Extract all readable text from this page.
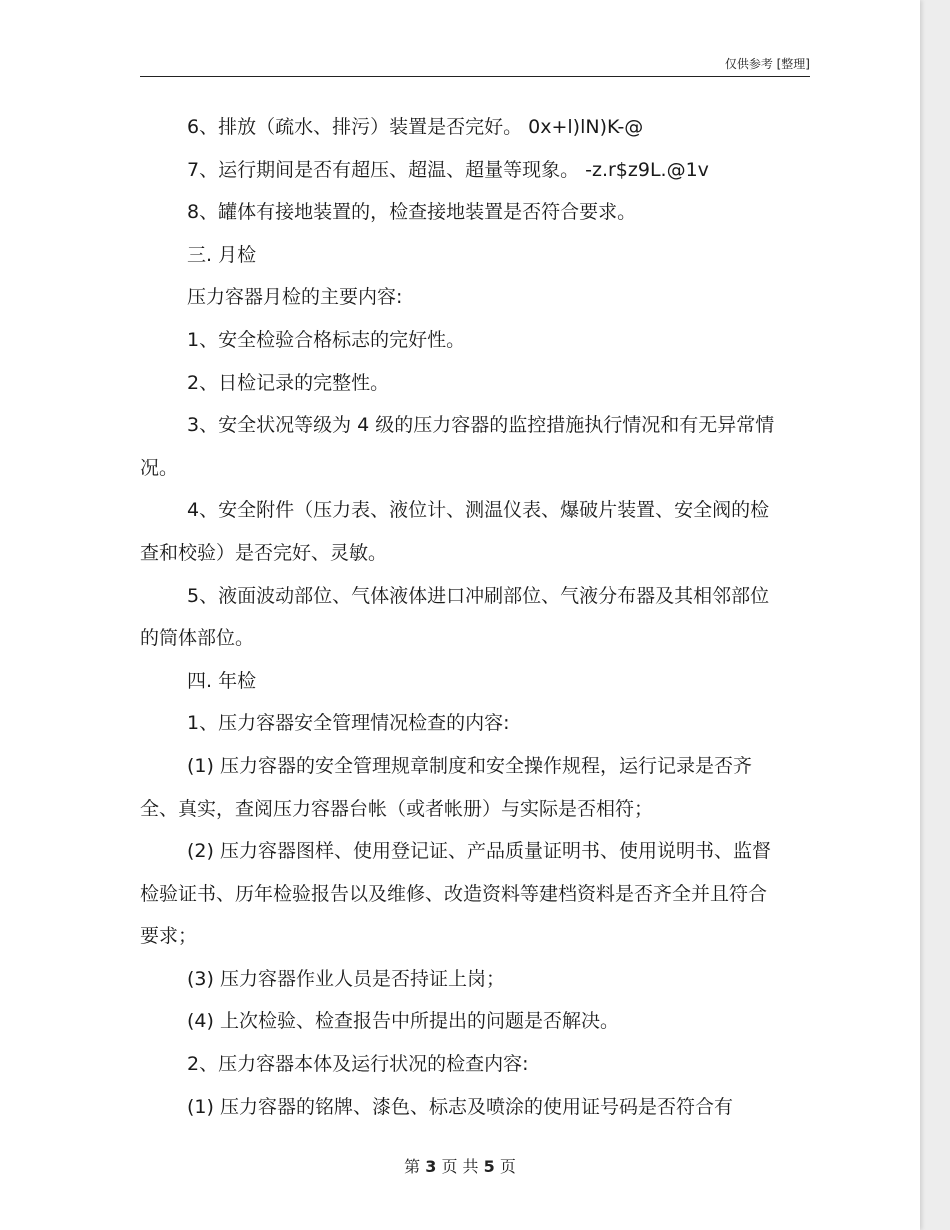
仅供参考 [整理]

6、排放（疏水、排污）装置是否完好。 0x+l)lN)K-@

7、运行期间是否有超压、超温、超量等现象。 -z.r$z9L.@1v

8、罐体有接地装置的，检查接地装置是否符合要求。

三. 月检

压力容器月检的主要内容:

1、安全检验合格标志的完好性。

2、日检记录的完整性。

3、安全状况等级为 4 级的压力容器的监控措施执行情况和有无异常情况。

4、安全附件（压力表、液位计、测温仪表、爆破片装置、安全阀的检查和校验）是否完好、灵敏。

5、液面波动部位、气体液体进口冲刷部位、气液分布器及其相邻部位的筒体部位。

四. 年检

1、压力容器安全管理情况检查的内容:

(1) 压力容器的安全管理规章制度和安全操作规程，运行记录是否齐全、真实，查阅压力容器台帐（或者帐册）与实际是否相符；

(2) 压力容器图样、使用登记证、产品质量证明书、使用说明书、监督检验证书、历年检验报告以及维修、改造资料等建档资料是否齐全并且符合要求；

(3) 压力容器作业人员是否持证上岗；

(4) 上次检验、检查报告中所提出的问题是否解决。

2、压力容器本体及运行状况的检查内容:

(1) 压力容器的铭牌、漆色、标志及喷涂的使用证号码是否符合有

第 3 页 共 5 页
